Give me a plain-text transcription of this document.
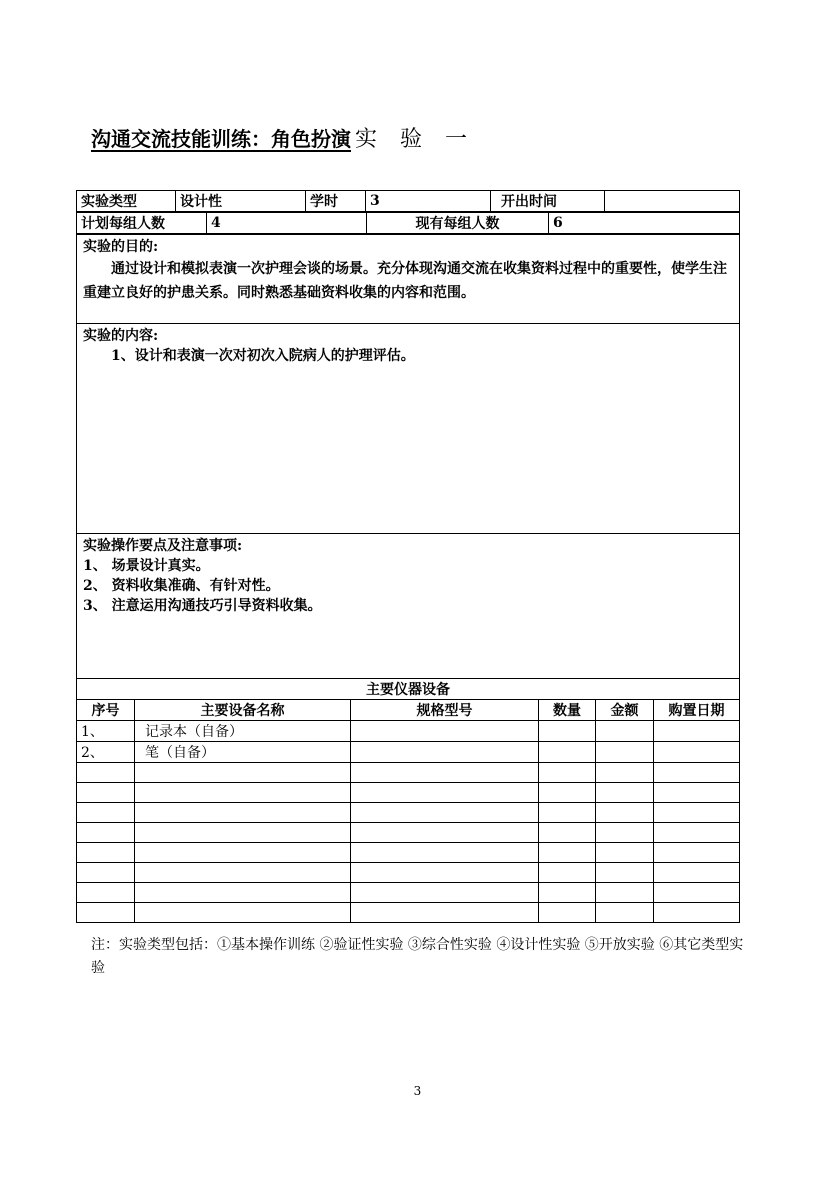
沟通交流技能训练：角色扮演 实 验 一
实验类型	设计性	学时	3	开出时间	
计划每组人数	4	现有每组人数	6
实验的目的:
通过设计和模拟表演一次护理会谈的场景。充分体现沟通交流在收集资料过程中的重要性，使学生注重建立良好的护患关系。同时熟悉基础资料收集的内容和范围。

实验的内容:
1、设计和表演一次对初次入院病人的护理评估。

实验操作要点及注意事项:
1、 场景设计真实。
2、 资料收集准确、有针对性。
3、 注意运用沟通技巧引导资料收集。
主要仪器设备					
序号	主要设备名称	规格型号	数量	金额	购置日期
1、	记录本（自备）				
2、	笔（自备）				

注：实验类型包括：①基本操作训练 ②验证性实验 ③综合性实验 ④设计性实验 ⑤开放实验 ⑥其它类型实验
3
